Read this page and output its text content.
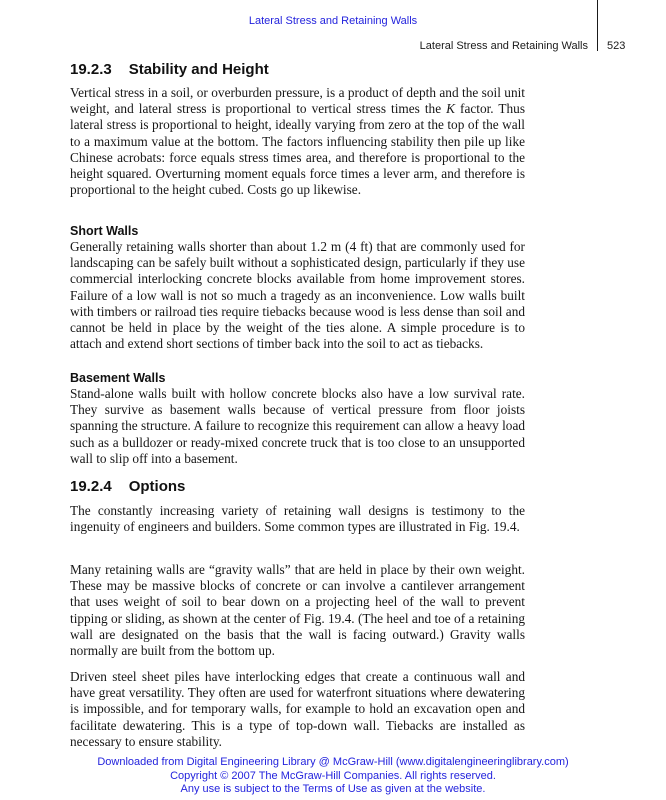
Lateral Stress and Retaining Walls
Lateral Stress and Retaining Walls 523
19.2.3 Stability and Height

Vertical stress in a soil, or overburden pressure, is a product of depth and the soil unit weight, and lateral stress is proportional to vertical stress times the K factor. Thus lateral stress is proportional to height, ideally varying from zero at the top of the wall to a maximum value at the bottom. The factors influencing stability then pile up like Chinese acrobats: force equals stress times area, and therefore is proportional to the height squared. Overturning moment equals force times a lever arm, and therefore is proportional to the height cubed. Costs go up likewise.

Short Walls

Generally retaining walls shorter than about 1.2 m (4 ft) that are commonly used for landscaping can be safely built without a sophisticated design, particularly if they use commercial interlocking concrete blocks available from home improvement stores. Failure of a low wall is not so much a tragedy as an inconvenience. Low walls built with timbers or railroad ties require tiebacks because wood is less dense than soil and cannot be held in place by the weight of the ties alone. A simple procedure is to attach and extend short sections of timber back into the soil to act as tiebacks.

Basement Walls

Stand-alone walls built with hollow concrete blocks also have a low survival rate. They survive as basement walls because of vertical pressure from floor joists spanning the structure. A failure to recognize this requirement can allow a heavy load such as a bulldozer or ready-mixed concrete truck that is too close to an unsupported wall to slip off into a basement.

19.2.4 Options

The constantly increasing variety of retaining wall designs is testimony to the ingenuity of engineers and builders. Some common types are illustrated in Fig. 19.4.

Many retaining walls are “gravity walls” that are held in place by their own weight. These may be massive blocks of concrete or can involve a cantilever arrangement that uses weight of soil to bear down on a projecting heel of the wall to prevent tipping or sliding, as shown at the center of Fig. 19.4. (The heel and toe of a retaining wall are designated on the basis that the wall is facing outward.) Gravity walls normally are built from the bottom up.

Driven steel sheet piles have interlocking edges that create a continuous wall and have great versatility. They often are used for waterfront situations where dewatering is impossible, and for temporary walls, for example to hold an excavation open and facilitate dewatering. This is a type of top-down wall. Tiebacks are installed as necessary to ensure stability.

Downloaded from Digital Engineering Library @ McGraw-Hill (www.digitalengineeringlibrary.com)
Copyright © 2007 The McGraw-Hill Companies. All rights reserved.
Any use is subject to the Terms of Use as given at the website.
